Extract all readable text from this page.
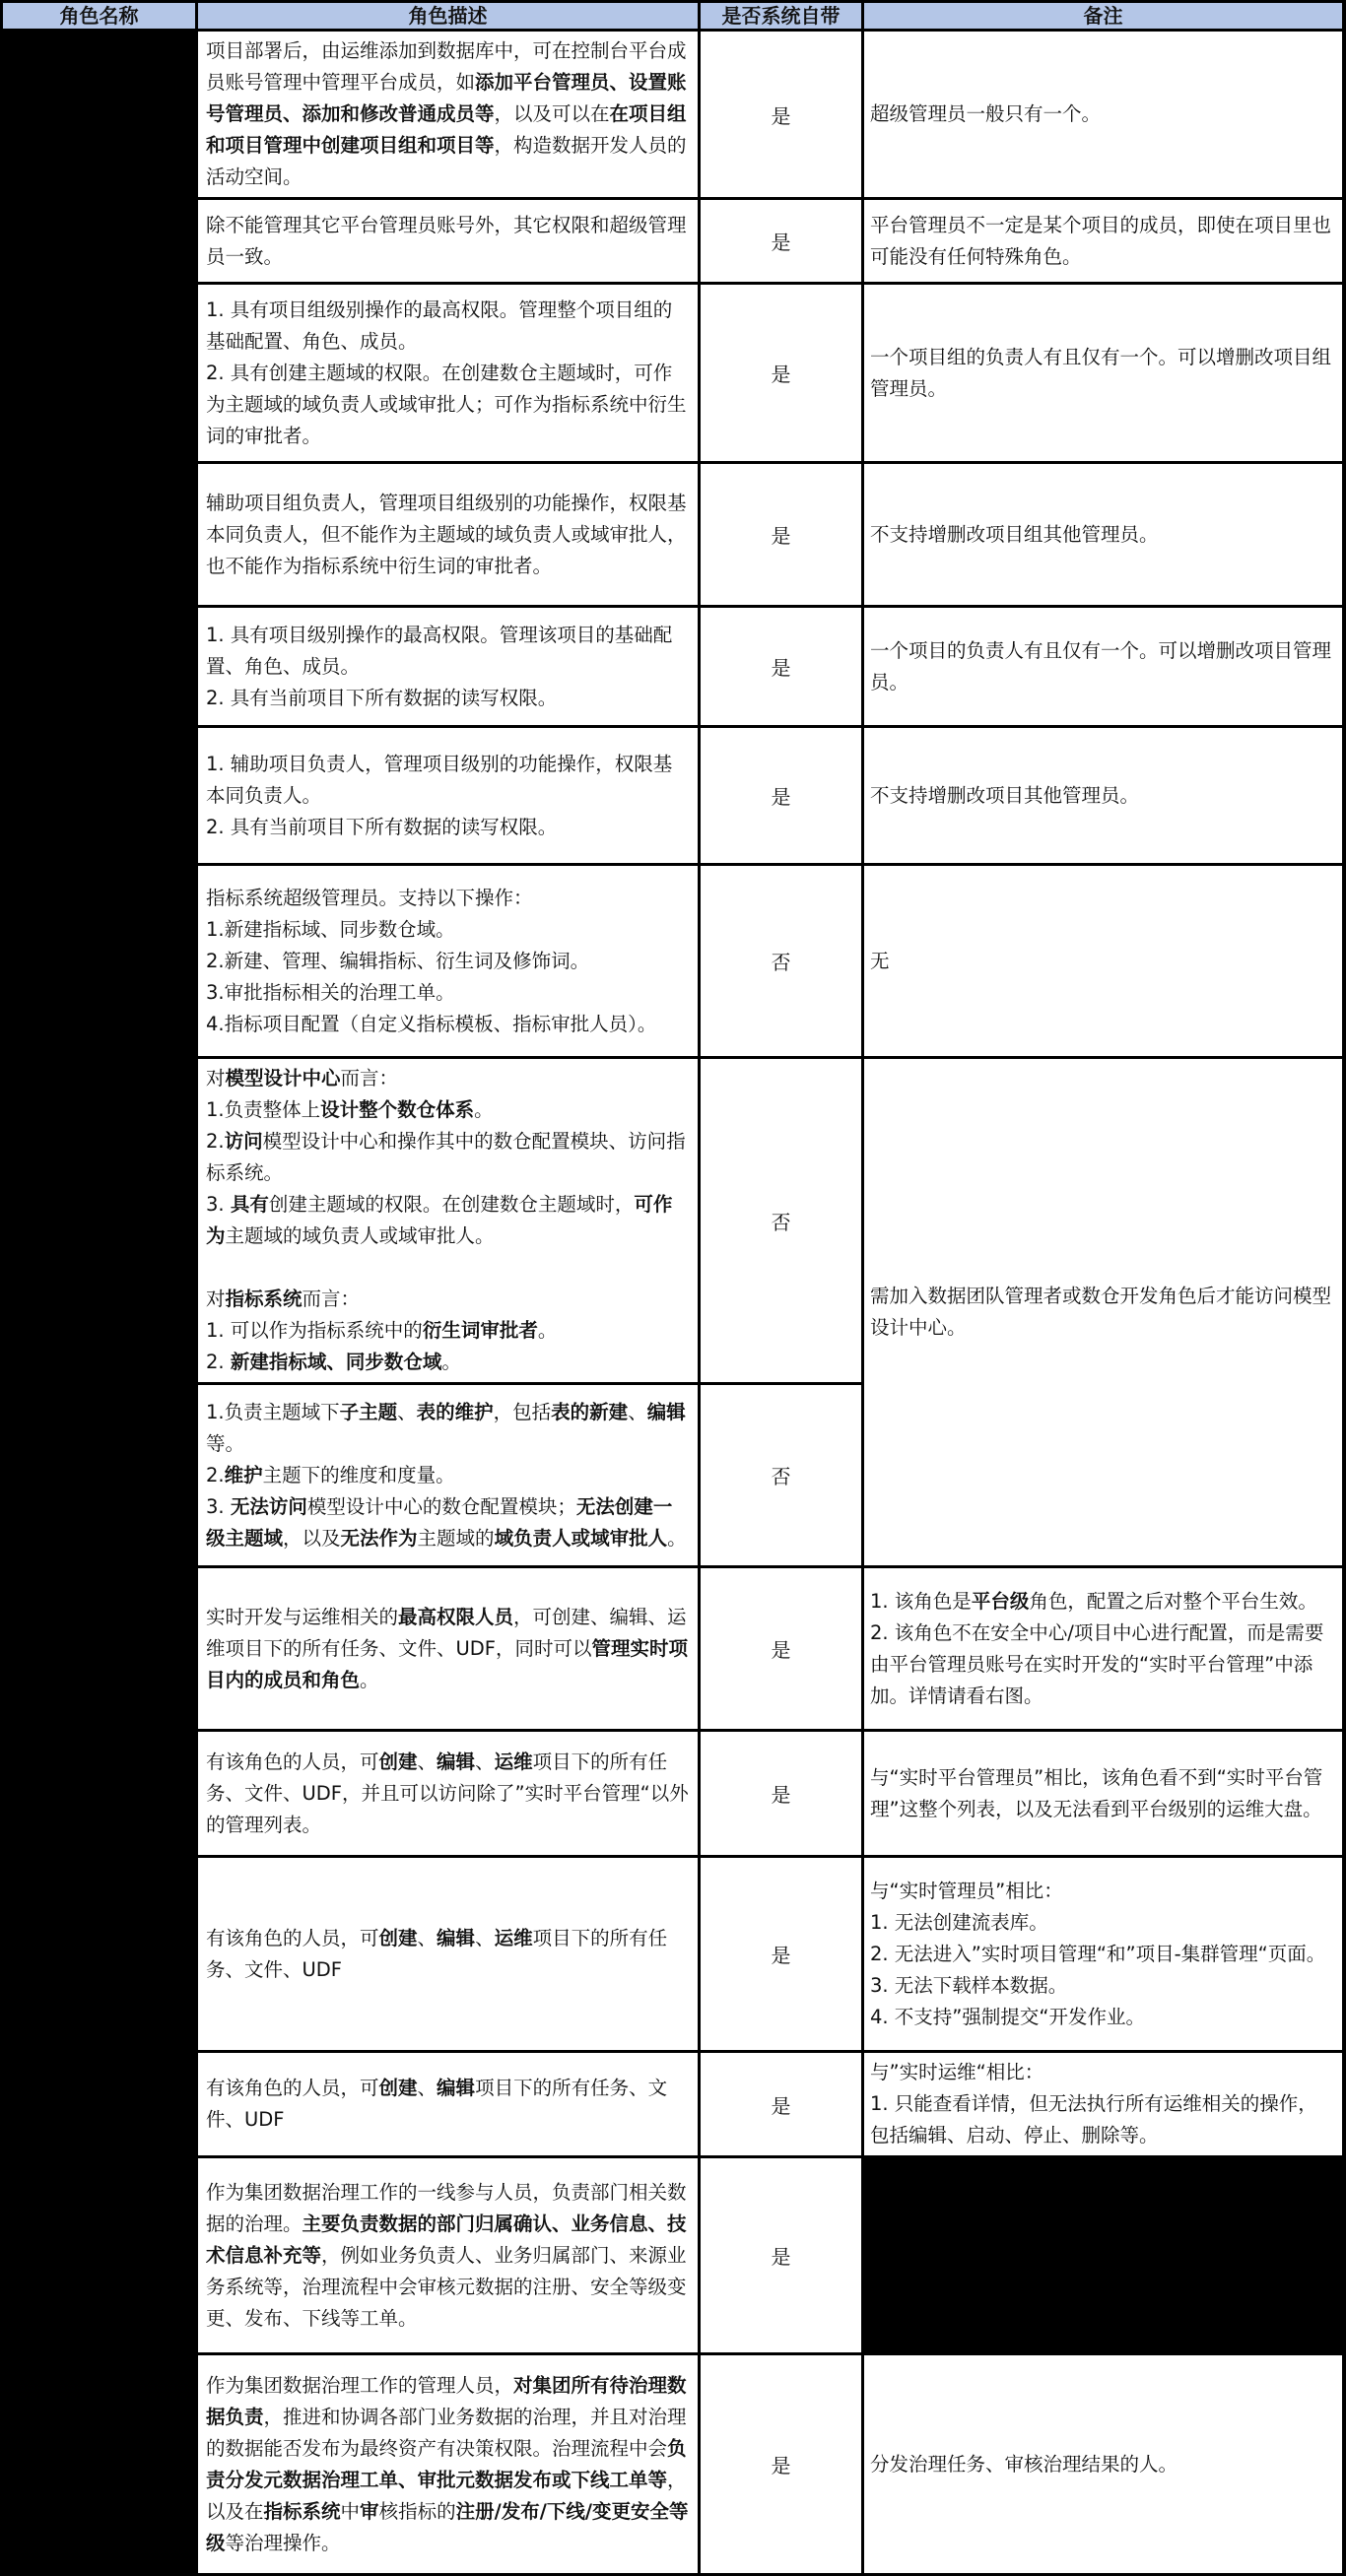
角色名称	角色描述	是否系统自带	备注

	项目部署后，由运维添加到数据库中，可在控制台平台成员账号管理中管理平台成员，如添加平台管理员、设置账号管理员、添加和修改普通成员等，以及可以在在项目组和项目管理中创建项目组和项目等，构造数据开发人员的活动空间。	是	超级管理员一般只有一个。

	除不能管理其它平台管理员账号外，其它权限和超级管理员一致。	是	平台管理员不一定是某个项目的成员，即使在项目里也可能没有任何特殊角色。

	1. 具有项目组级别操作的最高权限。管理整个项目组的基础配置、角色、成员。
2. 具有创建主题域的权限。在创建数仓主题域时，可作为主题域的域负责人或域审批人；可作为指标系统中衍生词的审批者。	是	一个项目组的负责人有且仅有一个。可以增删改项目组管理员。

	辅助项目组负责人，管理项目组级别的功能操作，权限基本同负责人，但不能作为主题域的域负责人或域审批人，也不能作为指标系统中衍生词的审批者。	是	不支持增删改项目组其他管理员。

	1. 具有项目级别操作的最高权限。管理该项目的基础配置、角色、成员。
2. 具有当前项目下所有数据的读写权限。	是	一个项目的负责人有且仅有一个。可以增删改项目管理员。

	1. 辅助项目负责人，管理项目级别的功能操作，权限基本同负责人。
2. 具有当前项目下所有数据的读写权限。	是	不支持增删改项目其他管理员。

	指标系统超级管理员。支持以下操作：
1.新建指标域、同步数仓域。
2.新建、管理、编辑指标、衍生词及修饰词。
3.审批指标相关的治理工单。
4.指标项目配置（自定义指标模板、指标审批人员）。	否	无

对模型设计中心而言：
1.负责整体上设计整个数仓体系。
2.访问模型设计中心和操作其中的数仓配置模块、访问指标系统。
3. 具有创建主题域的权限。在创建数仓主题域时，可作为主题域的域负责人或域审批人。
对指标系统而言：
1. 可以作为指标系统中的衍生词审批者。
2. 新建指标域、同步数仓域。
	否	
需加入数据团队管理者或数仓开发角色后才能访问模型设计中心。

	1.负责主题域下子主题、表的维护，包括表的新建、编辑等。
2.维护主题下的维度和度量。
3. 无法访问模型设计中心的数仓配置模块；无法创建一级主题域，以及无法作为主题域的域负责人或域审批人。	否	

	实时开发与运维相关的最高权限人员，可创建、编辑、运维项目下的所有任务、文件、UDF，同时可以管理实时项目内的成员和角色。	是	1. 该角色是平台级角色，配置之后对整个平台生效。
2. 该角色不在安全中心/项目中心进行配置，而是需要由平台管理员账号在实时开发的“实时平台管理”中添加。详情请看右图。

	有该角色的人员，可创建、编辑、运维项目下的所有任务、文件、UDF，并且可以访问除了”实时平台管理“以外的管理列表。	是	与“实时平台管理员”相比，该角色看不到“实时平台管理”这整个列表，以及无法看到平台级别的运维大盘。

	有该角色的人员，可创建、编辑、运维项目下的所有任务、文件、UDF	是	与“实时管理员”相比：
1. 无法创建流表库。
2. 无法进入”实时项目管理“和”项目-集群管理“页面。
3. 无法下载样本数据。
4. 不支持”强制提交“开发作业。

	有该角色的人员，可创建、编辑项目下的所有任务、文件、UDF	是	与”实时运维“相比：
1. 只能查看详情，但无法执行所有运维相关的操作，包括编辑、启动、停止、删除等。

	作为集团数据治理工作的一线参与人员，负责部门相关数据的治理。主要负责数据的部门归属确认、业务信息、技术信息补充等，例如业务负责人、业务归属部门、来源业务系统等，治理流程中会审核元数据的注册、安全等级变更、发布、下线等工单。	是	

	作为集团数据治理工作的管理人员，对集团所有待治理数据负责，推进和协调各部门业务数据的治理，并且对治理的数据能否发布为最终资产有决策权限。治理流程中会负责分发元数据治理工单、审批元数据发布或下线工单等，以及在指标系统中审核指标的注册/发布/下线/变更安全等级等治理操作。	是	分发治理任务、审核治理结果的人。
